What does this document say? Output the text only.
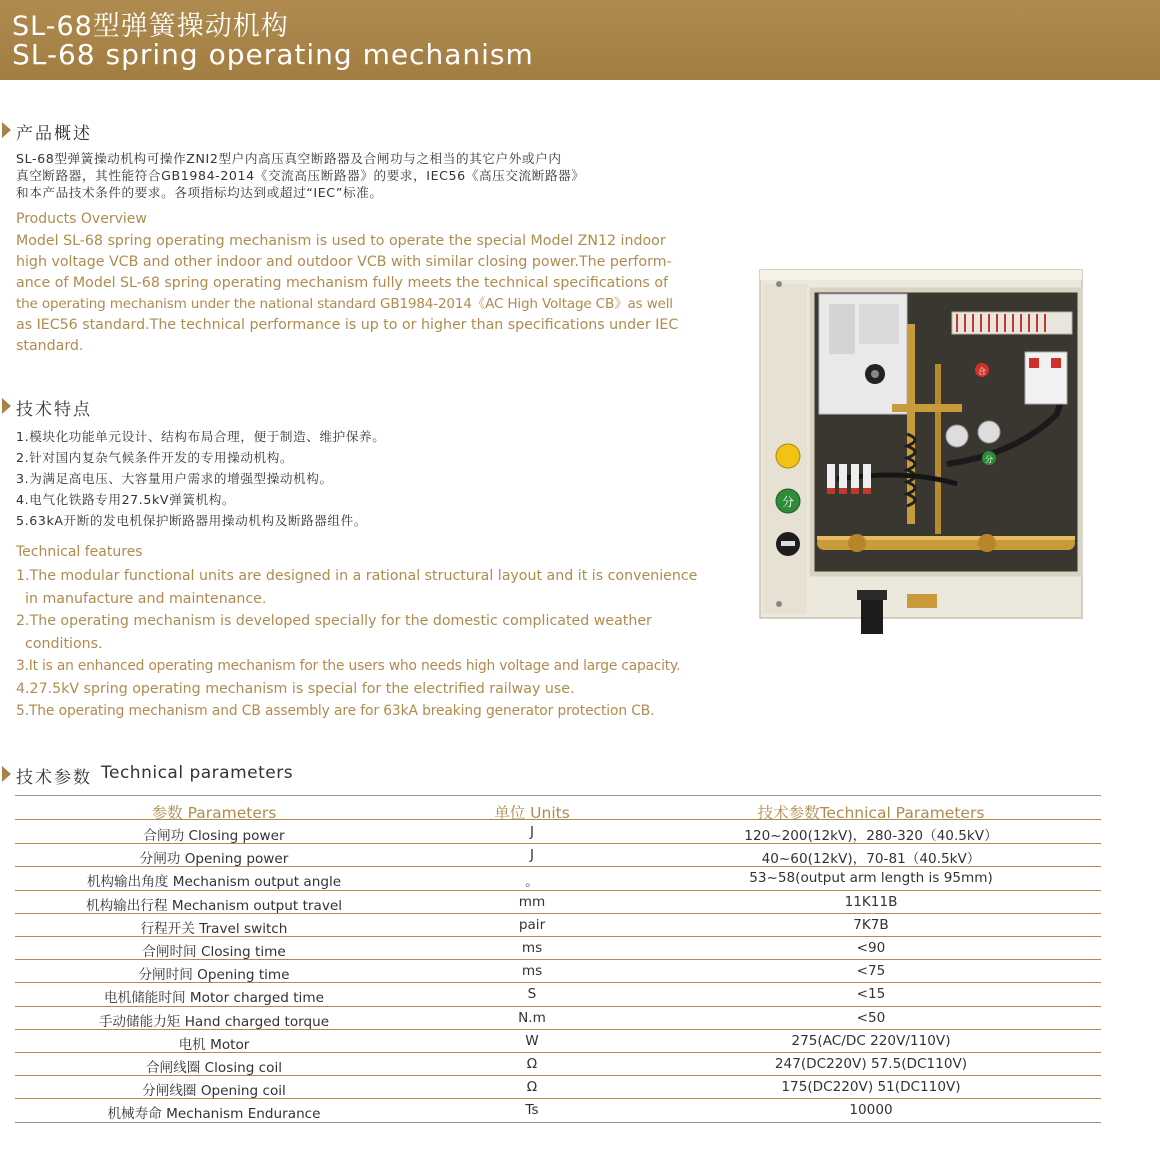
SL-68型弹簧操动机构
SL-68 spring operating mechanism
产品概述
SL-68型弹簧操动机构可操作ZNI2型户内高压真空断路器及合闸功与之相当的其它户外或户内
真空断路器，其性能符合GB1984-2014《交流高压断路器》的要求，IEC56《高压交流断路器》
和本产品技术条件的要求。各项指标均达到或超过“IEC”标准。
Products Overview
Model SL-68 spring operating mechanism is used to operate the special Model ZN12 indoor
high voltage VCB and other indoor and outdoor VCB with similar closing power.The perform-
ance of Model SL-68 spring operating mechanism fully meets the technical specifications of
the operating mechanism under the national standard GB1984-2014《AC High Voltage CB》as well
as IEC56 standard.The technical performance is up to or higher than specifications under IEC
standard.
技术特点
1.模块化功能单元设计、结构布局合理，便于制造、维护保养。
2.针对国内复杂气候条件开发的专用操动机构。
3.为满足高电压、大容量用户需求的增强型操动机构。
4.电气化铁路专用27.5kV弹簧机构。
5.63kA开断的发电机保护断路器用操动机构及断路器组件。
Technical features
1.The modular functional units are designed in a rational structural layout and it is convenience
in manufacture and maintenance.
2.The operating mechanism is developed specially for the domestic complicated weather
conditions.
3.It is an enhanced operating mechanism for the users who needs high voltage and large capacity.
4.27.5kV spring operating mechanism is special for the electrified railway use.
5.The operating mechanism and CB assembly are for 63kA breaking generator protection CB.
合
分
分
技术参数 Technical parameters
参数 Parameters	单位 Units	技术参数Technical Parameters
合闸功 Closing power	J	120~200(12kV)，280-320（40.5kV）
分闸功 Opening power	J	40~60(12kV)，70-81（40.5kV）
机构输出角度 Mechanism output angle	。	53~58(output arm length is 95mm)
机构输出行程 Mechanism output travel	mm	11K11B
行程开关 Travel switch	pair	7K7B
合闸时间 Closing time	ms	<90
分闸时间 Opening time	ms	<75
电机储能时间 Motor charged time	S	<15
手动储能力矩 Hand charged torque	N.m	<50
电机 Motor	W	275(AC/DC 220V/110V)
合闸线圈 Closing coil	Ω	247(DC220V) 57.5(DC110V)
分闸线圈 Opening coil	Ω	175(DC220V) 51(DC110V)
机械寿命 Mechanism Endurance	Ts	10000
